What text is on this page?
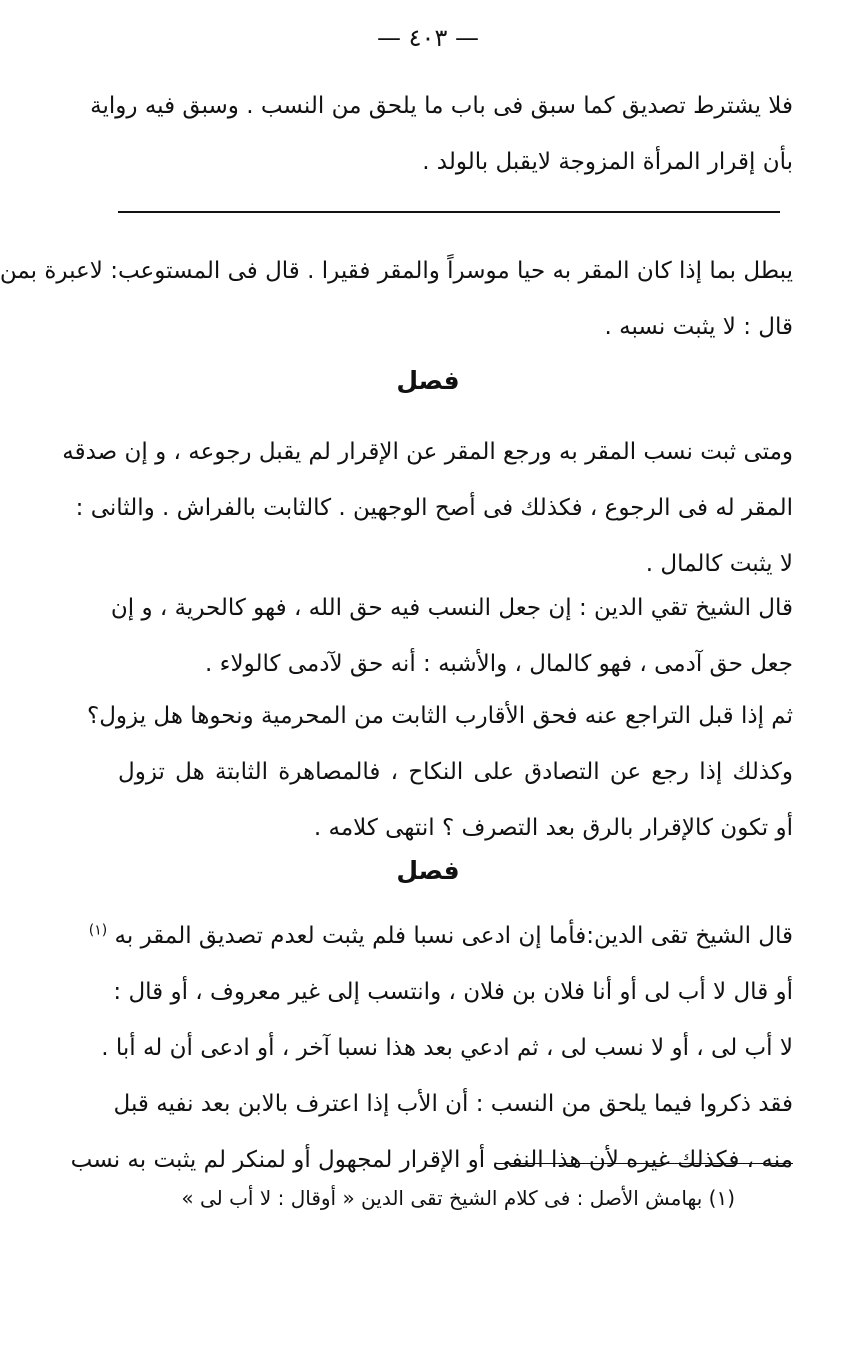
— ٤٠٣ —
فلا يشترط تصديق كما سبق فى باب ما يلحق من النسب . وسبق فيه رواية
بأن إقرار المرأة المزوجة لايقبل بالولد .
يبطل بما إذا كان المقر به حيا موسراً والمقر فقيرا . قال فى المستوعب: لاعبرة بمن
قال : لا يثبت نسبه .
فصل
ومتى ثبت نسب المقر به ورجع المقر عن الإقرار لم يقبل رجوعه ، و إن صدقه
المقر له فى الرجوع ، فكذلك فى أصح الوجهين . كالثابت بالفراش . والثانى :
لا يثبت كالمال .
قال الشيخ تقي الدين : إن جعل النسب فيه حق الله ، فهو كالحرية ، و إن
جعل حق آدمى ، فهو كالمال ، والأشبه : أنه حق لآدمى كالولاء .
ثم إذا قبل التراجع عنه فحق الأقارب الثابت من المحرمية ونحوها هل يزول؟
وكذلك إذا رجع عن التصادق على النكاح ، فالمصاهرة الثابتة هل تزول
أو تكون كالإقرار بالرق بعد التصرف ؟ انتهى كلامه .
فصل
قال الشيخ تقى الدين:فأما إن ادعى نسبا فلم يثبت لعدم تصديق المقر به $^{(١)}$
أو قال لا أب لى أو أنا فلان بن فلان ، وانتسب إلى غير معروف ، أو قال :
لا أب لى ، أو لا نسب لى ، ثم ادعي بعد هذا نسبا آخر ، أو ادعى أن له أبا .
فقد ذكروا فيما يلحق من النسب : أن الأب إذا اعترف بالابن بعد نفيه قبل
منه ، فكذلك غيره لأن هذا النفى أو الإقرار لمجهول أو لمنكر لم يثبت به نسب
(١) بهامش الأصل : فى كلام الشيخ تقى الدين « أوقال : لا أب لى »
